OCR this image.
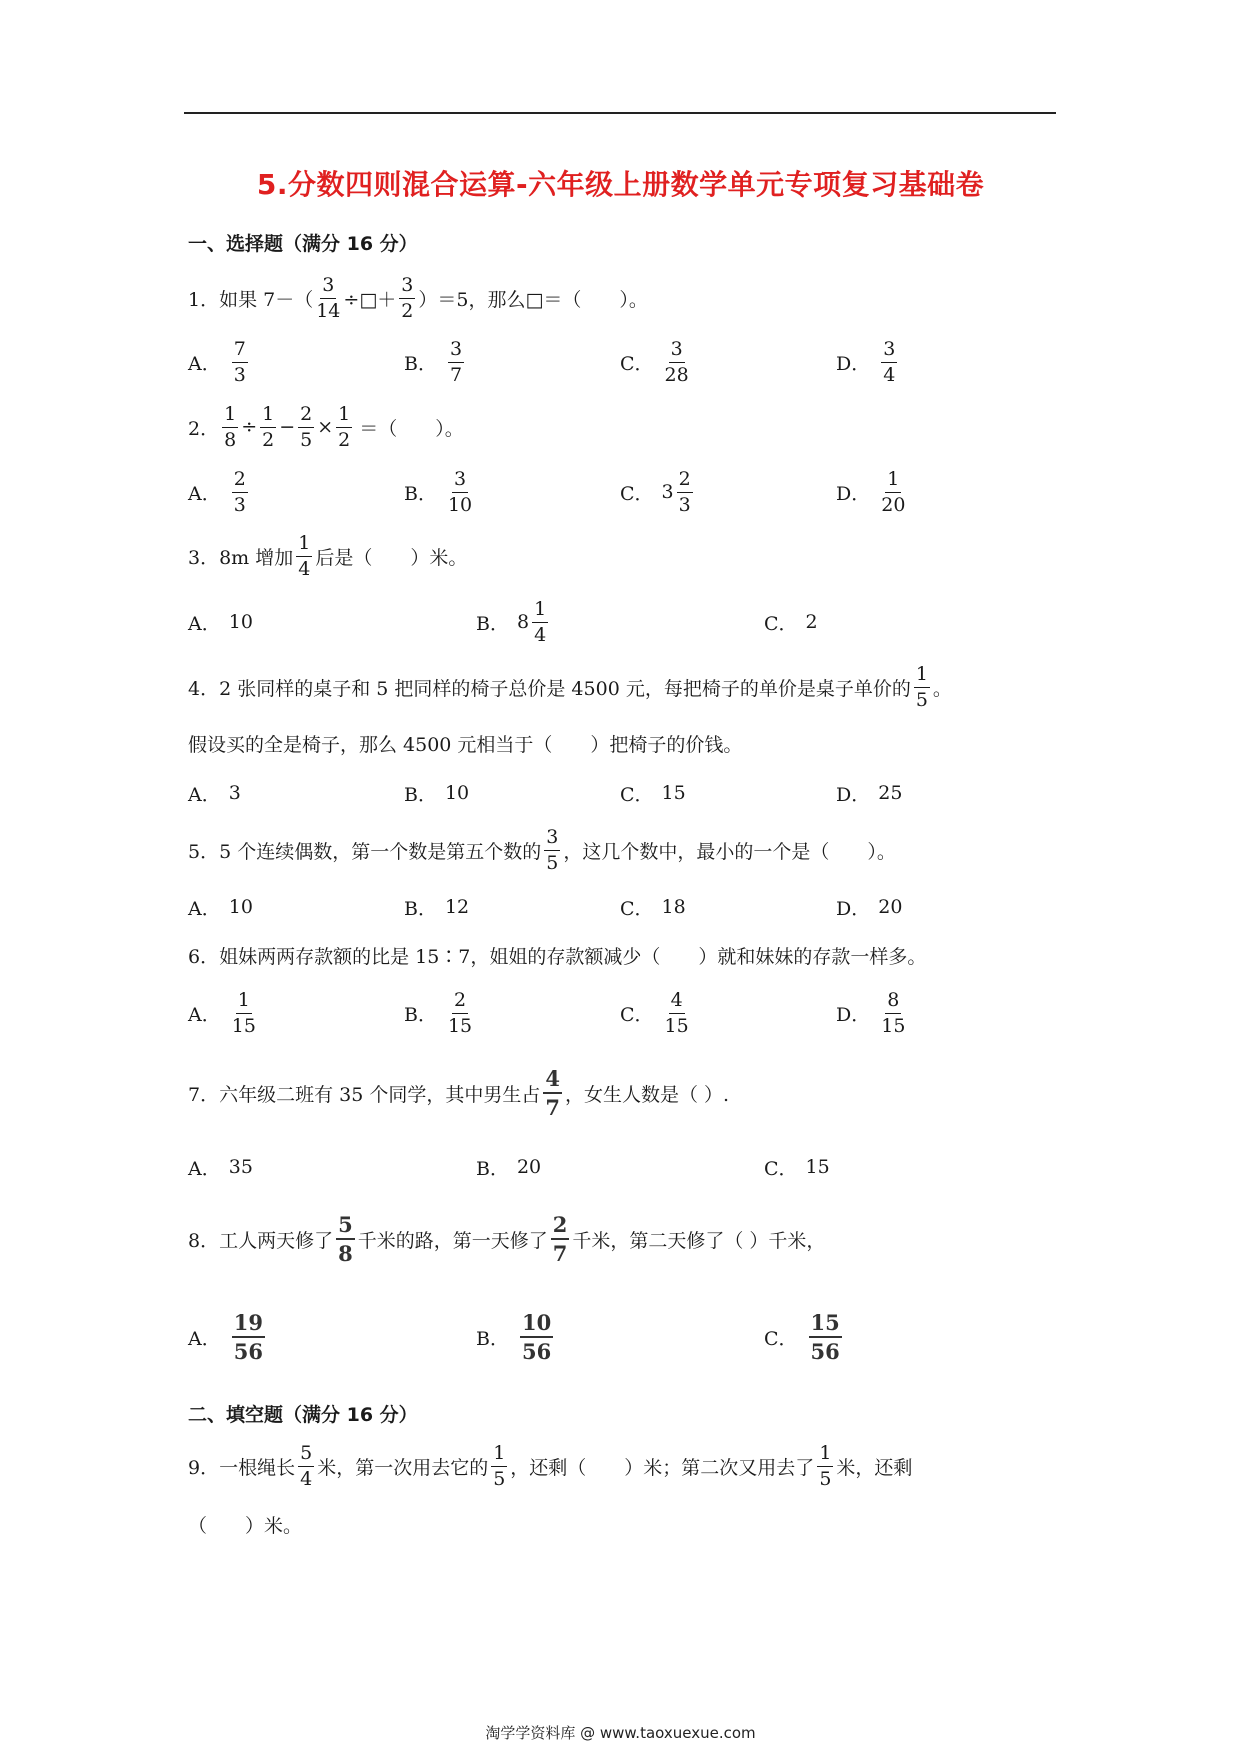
5.分数四则混合运算-六年级上册数学单元专项复习基础卷
一、选择题（满分 16 分）
1．如果 $7-( \frac{3}{14}$ ÷□＋ $\frac{3}{2} )=5$，那么□＝（　　）。
A． $\frac{7}{3}$	B． $\frac{3}{7}$	C． $\frac{3}{28}$	D． $\frac{3}{4}$
2． $\frac{1}{8} \div \frac{1}{2} - \frac{2}{5} \times \frac{1}{2}$ ＝（　　）。
A． $\frac{2}{3}$	B． $\frac{3}{10}$	C． $3 \frac{2}{3}$	D． $\frac{1}{20}$
3．8m 增加 $\frac{1}{4}$ 后是（　　）米。
A． 10	B． $8 \frac{1}{4}$	C． 2
4．2 张同样的桌子和 5 把同样的椅子总价是 4500 元，每把椅子的单价是桌子单价的 $\frac{1}{5}$ 。
假设买的全是椅子，那么 4500 元相当于（　　）把椅子的价钱。
A． 3	B． 10	C． 15	D． 25
5．5 个连续偶数，第一个数是第五个数的 $\frac{3}{5}$ ，这几个数中，最小的一个是（　　）。
A． 10	B． 12	C． 18	D． 20
6．姐妹两两存款额的比是 15∶7，姐姐的存款额减少（　　）就和妹妹的存款一样多。
A． $\frac{1}{15}$	B． $\frac{2}{15}$	C． $\frac{4}{15}$	D． $\frac{8}{15}$
7．六年级二班有 35 个同学，其中男生占 $\frac{4}{7}$ ，女生人数是（ ）.
A． 35	B． 20	C． 15
8．工人两天修了 $\frac{5}{8}$ 千米的路，第一天修了 $\frac{2}{7}$ 千米，第二天修了（ ）千米，
A． $\frac{19}{56}$	B． $\frac{10}{56}$	C． $\frac{15}{56}$
二、填空题（满分 16 分）
9．一根绳长 $\frac{5}{4}$ 米，第一次用去它的 $\frac{1}{5}$ ，还剩（　　）米；第二次又用去了 $\frac{1}{5}$ 米，还剩
（　　）米。
淘学学资料库 @ www.taoxuexue.com
